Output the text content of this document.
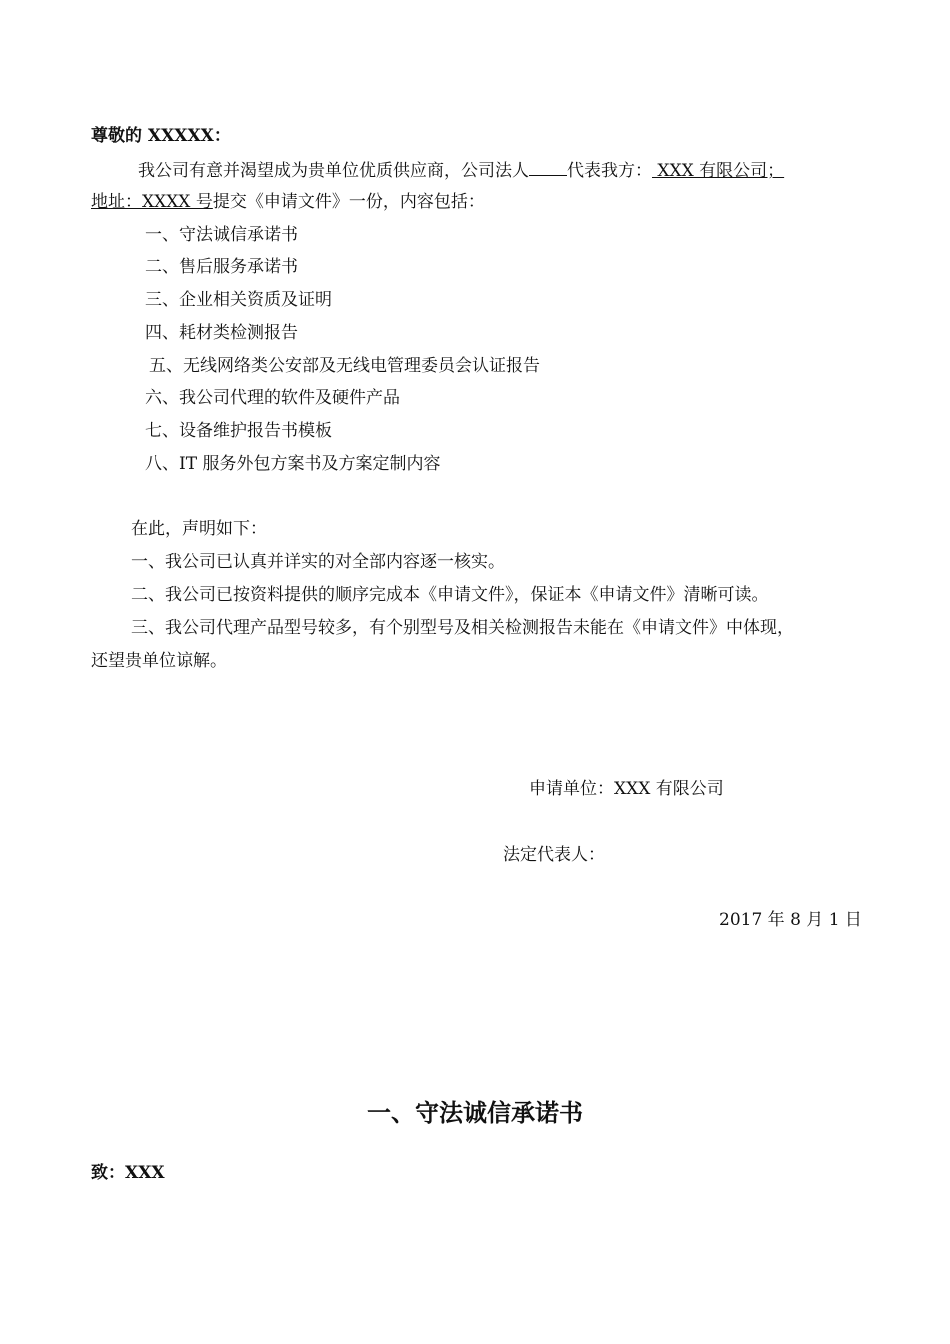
尊敬的 XXXXX：
我公司有意并渴望成为贵单位优质供应商，公司法人 代表我方： XXX 有限公司；
地址：XXXX 号提交《申请文件》一份，内容包括：
一、守法诚信承诺书
二、售后服务承诺书
三、企业相关资质及证明
四、耗材类检测报告
五、无线网络类公安部及无线电管理委员会认证报告
六、我公司代理的软件及硬件产品
七、设备维护报告书模板
八、IT 服务外包方案书及方案定制内容
在此，声明如下：
一、我公司已认真并详实的对全部内容逐一核实。
二、我公司已按资料提供的顺序完成本《申请文件》，保证本《申请文件》清晰可读。
三、我公司代理产品型号较多，有个别型号及相关检测报告未能在《申请文件》中体现，
还望贵单位谅解。
申请单位：XXX 有限公司
法定代表人：
2017 年 8 月 1 日
一、守法诚信承诺书
致：XXX
